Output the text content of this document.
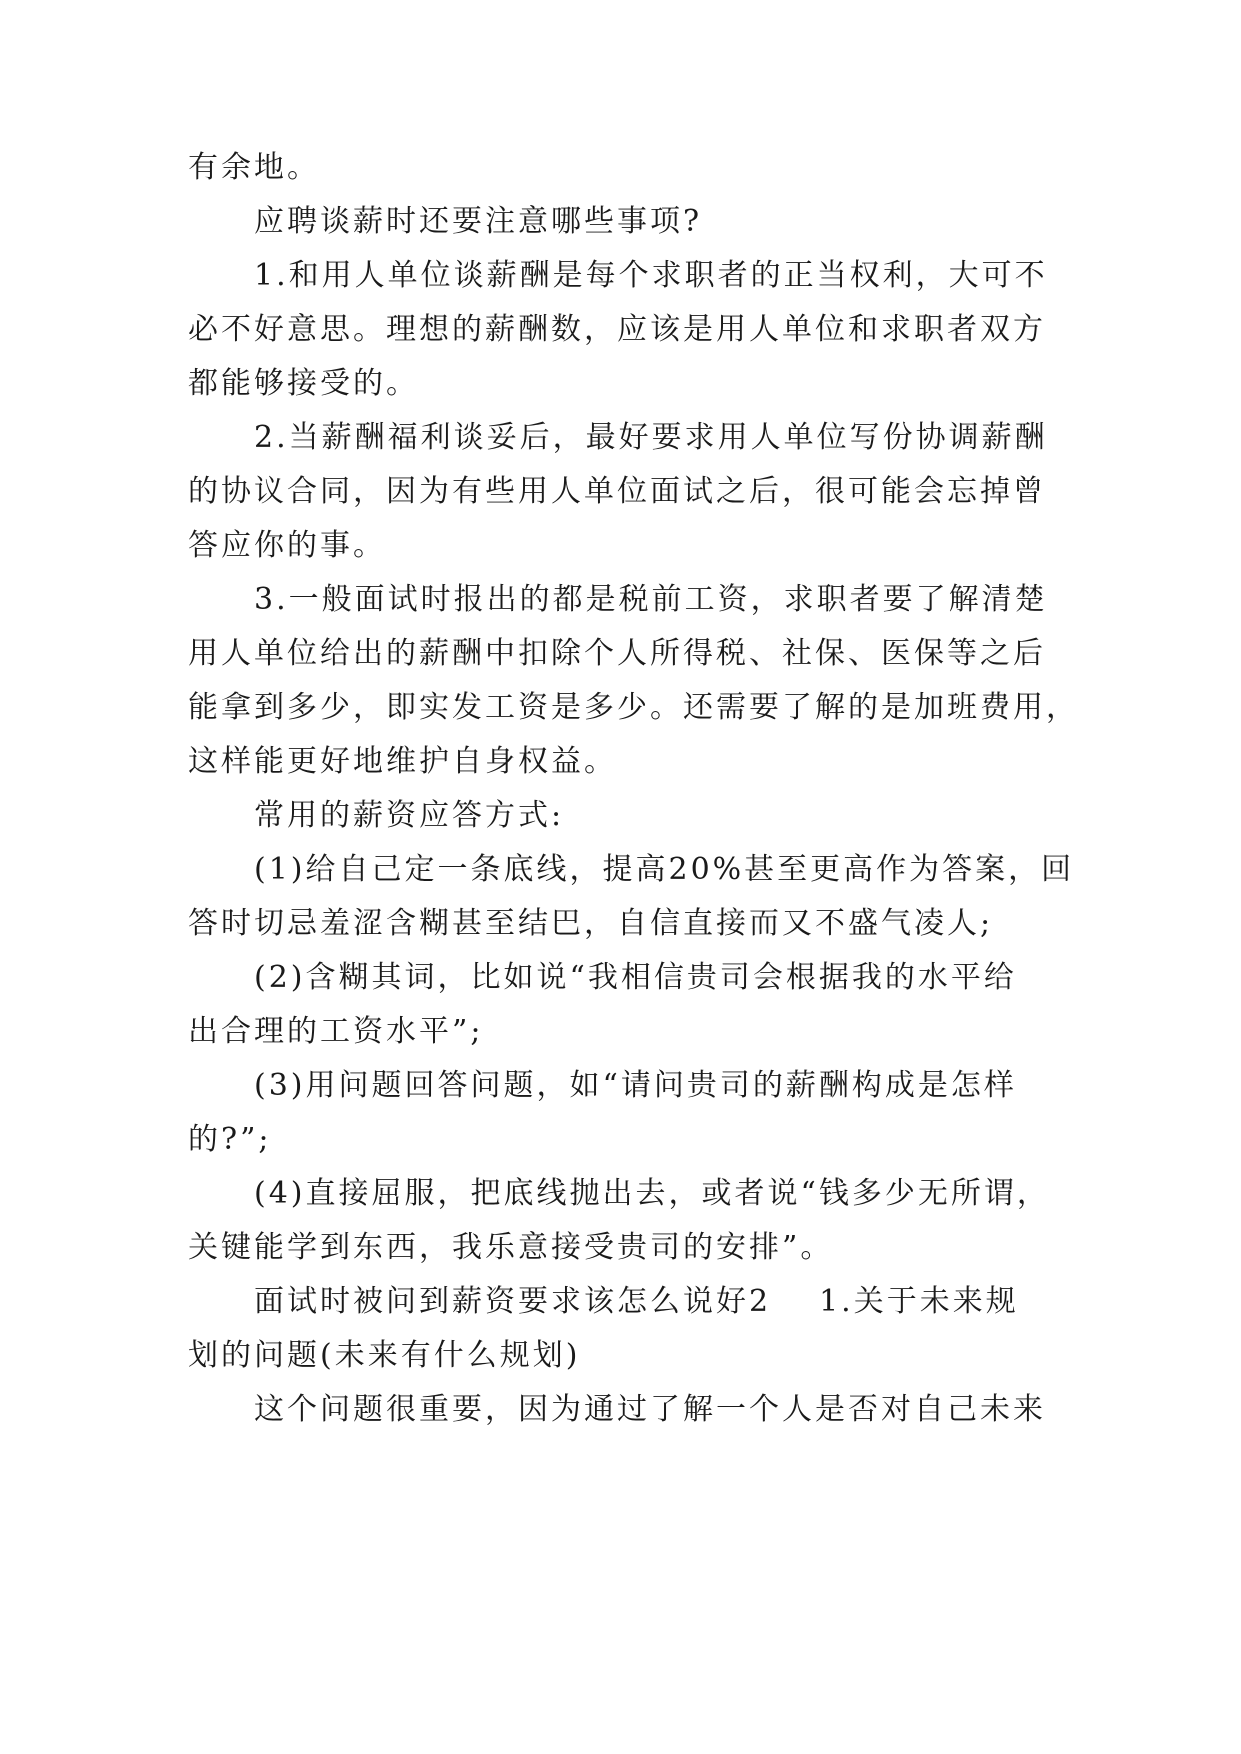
有余地。
应聘谈薪时还要注意哪些事项?
1.和用人单位谈薪酬是每个求职者的正当权利，大可不
必不好意思。理想的薪酬数，应该是用人单位和求职者双方
都能够接受的。
2.当薪酬福利谈妥后，最好要求用人单位写份协调薪酬
的协议合同，因为有些用人单位面试之后，很可能会忘掉曾
答应你的事。
3.一般面试时报出的都是税前工资，求职者要了解清楚
用人单位给出的薪酬中扣除个人所得税、社保、医保等之后
能拿到多少，即实发工资是多少。还需要了解的是加班费用，
这样能更好地维护自身权益。
常用的薪资应答方式:
(1)给自己定一条底线，提高20%甚至更高作为答案，回
答时切忌羞涩含糊甚至结巴，自信直接而又不盛气凌人;
(2)含糊其词，比如说“我相信贵司会根据我的水平给
出合理的工资水平”;
(3)用问题回答问题，如“请问贵司的薪酬构成是怎样
的?”;
(4)直接屈服，把底线抛出去，或者说“钱多少无所谓，
关键能学到东西，我乐意接受贵司的安排”。
面试时被问到薪资要求该怎么说好2 1.关于未来规
划的问题(未来有什么规划)
这个问题很重要，因为通过了解一个人是否对自己未来
